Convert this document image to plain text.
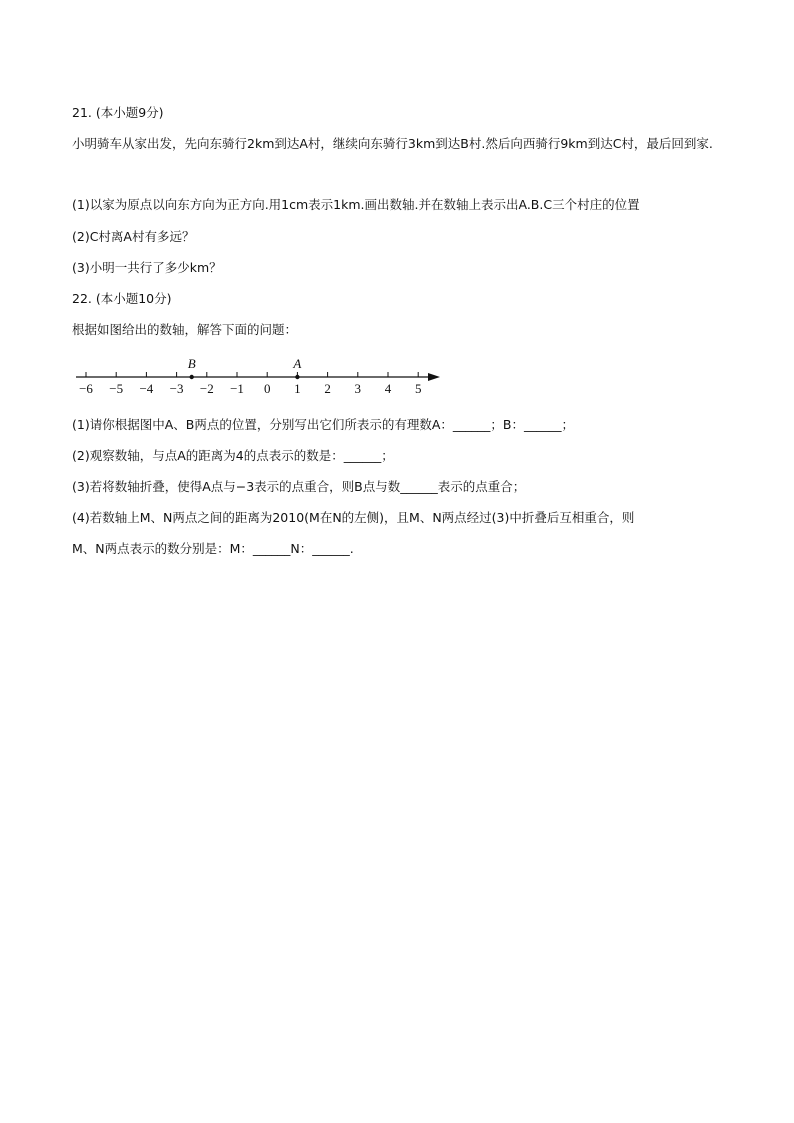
21. (本小题9分)
小明骑车从家出发，先向东骑行2km到达A村，继续向东骑行3km到达B村.然后向西骑行9km到达C村，最后回到家.
(1)以家为原点以向东方向为正方向.用1cm表示1km.画出数轴.并在数轴上表示出A.B.C三个村庄的位置
(2)C村离A村有多远？
(3)小明一共行了多少km？
22. (本小题10分)
根据如图给出的数轴，解答下面的问题：
−6 −5 −4 −3 −2 −1 0 1 2 3 4 5
B	A
(1)请你根据图中A、B两点的位置，分别写出它们所表示的有理数A：______；B：______；
(2)观察数轴，与点A的距离为4的点表示的数是：______；
(3)若将数轴折叠，使得A点与−3表示的点重合，则B点与数______表示的点重合；
(4)若数轴上M、N两点之间的距离为2010(M在N的左侧)，且M、N两点经过(3)中折叠后互相重合，则
M、N两点表示的数分别是：M：______N：______.
